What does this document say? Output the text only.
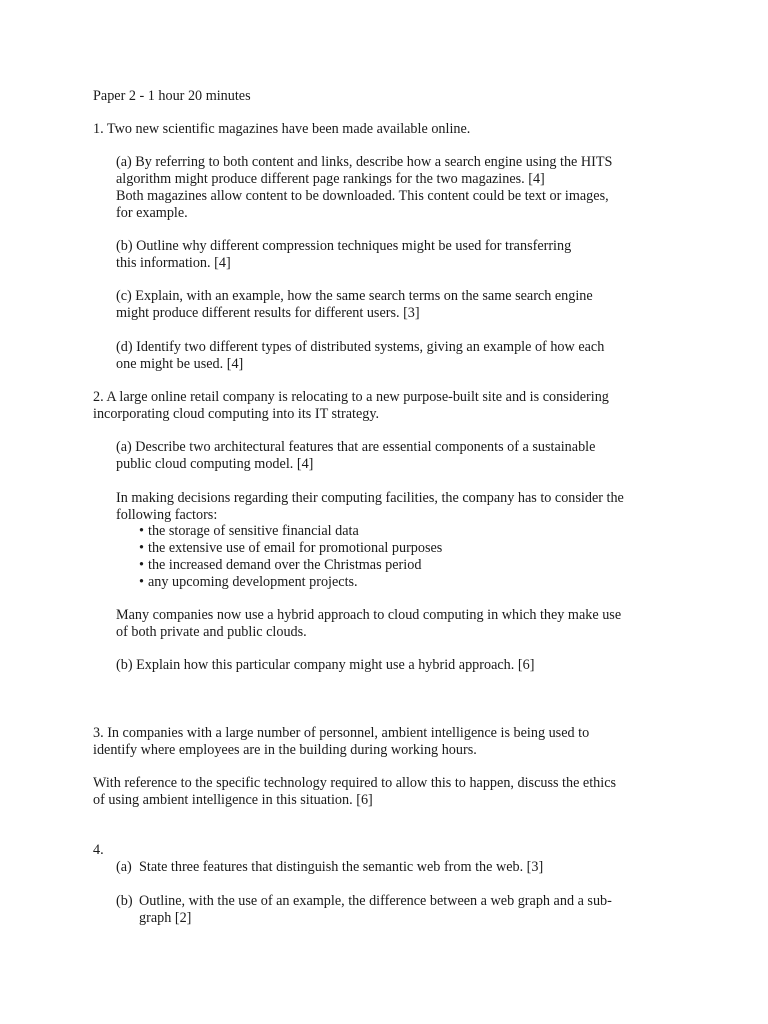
Paper 2 - 1 hour 20 minutes
1. Two new scientific magazines have been made available online.
(a) By referring to both content and links, describe how a search engine using the HITS
algorithm might produce different page rankings for the two magazines. [4]
Both magazines allow content to be downloaded. This content could be text or images,
for example.
(b) Outline why different compression techniques might be used for transferring
this information. [4]
(c) Explain, with an example, how the same search terms on the same search engine
might produce different results for different users. [3]
(d) Identify two different types of distributed systems, giving an example of how each
one might be used. [4]
2. A large online retail company is relocating to a new purpose-built site and is considering
incorporating cloud computing into its IT strategy.
(a) Describe two architectural features that are essential components of a sustainable
public cloud computing model. [4]
In making decisions regarding their computing facilities, the company has to consider the
following factors:
• the storage of sensitive financial data
• the extensive use of email for promotional purposes
• the increased demand over the Christmas period
• any upcoming development projects.
Many companies now use a hybrid approach to cloud computing in which they make use
of both private and public clouds.
(b) Explain how this particular company might use a hybrid approach. [6]
3. In companies with a large number of personnel, ambient intelligence is being used to
identify where employees are in the building during working hours.
With reference to the specific technology required to allow this to happen, discuss the ethics
of using ambient intelligence in this situation. [6]
4.
(a) State three features that distinguish the semantic web from the web. [3]
(b) Outline, with the use of an example, the difference between a web graph and a sub-
graph [2]
